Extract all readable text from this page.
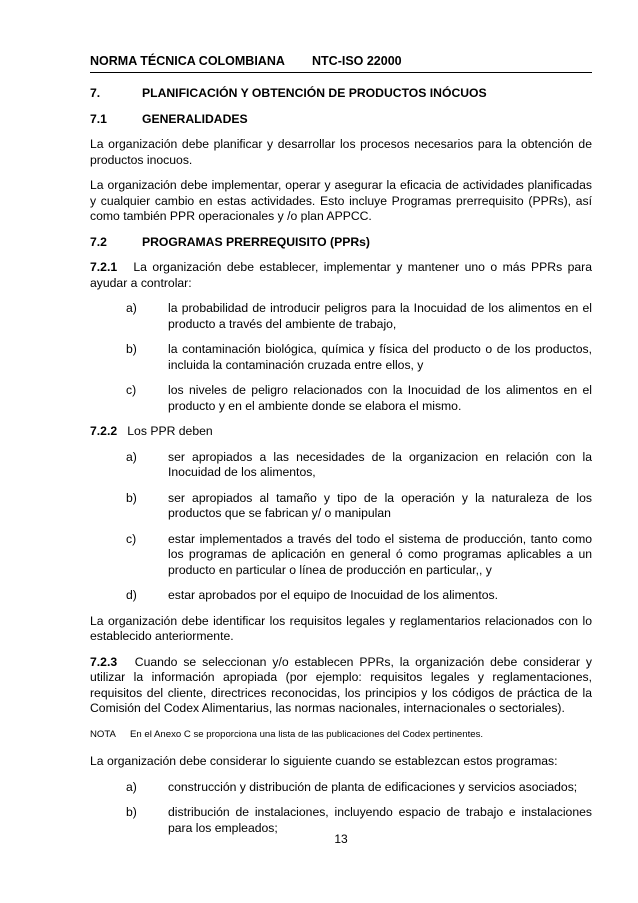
NORMA TÉCNICA COLOMBIANA NTC-ISO 22000
7.	PLANIFICACIÓN Y OBTENCIÓN DE PRODUCTOS INÓCUOS
7.1	GENERALIDADES

La organización debe planificar y desarrollar los procesos necesarios para la obtención de productos inocuos.

La organización debe implementar, operar y asegurar la eficacia de actividades planificadas y cualquier cambio en estas actividades. Esto incluye Programas prerrequisito (PPRs), así como también PPR operacionales y /o plan APPCC.

7.2	PROGRAMAS PRERREQUISITO (PPRs)

7.2.1 La organización debe establecer, implementar y mantener uno o más PPRs para ayudar a controlar:

a)	la probabilidad de introducir peligros para la Inocuidad de los alimentos en el producto a través del ambiente de trabajo,
b)	la contaminación biológica, química y física del producto o de los productos, incluida la contaminación cruzada entre ellos, y
c)	los niveles de peligro relacionados con la Inocuidad de los alimentos en el producto y en el ambiente donde se elabora el mismo.

7.2.2 Los PPR deben

a)	ser apropiados a las necesidades de la organizacion en relación con la Inocuidad de los alimentos,
b)	ser apropiados al tamaño y tipo de la operación y la naturaleza de los productos que se fabrican y/ o manipulan
c)	estar implementados a través del todo el sistema de producción, tanto como los programas de aplicación en general ó como programas aplicables a un producto en particular o línea de producción en particular,, y
d)	estar aprobados por el equipo de Inocuidad de los alimentos.

La organización debe identificar los requisitos legales y reglamentarios relacionados con lo establecido anteriormente.

7.2.3 Cuando se seleccionan y/o establecen PPRs, la organización debe considerar y utilizar la información apropiada (por ejemplo: requisitos legales y reglamentaciones, requisitos del cliente, directrices reconocidas, los principios y los códigos de práctica de la Comisión del Codex Alimentarius, las normas nacionales, internacionales o sectoriales).

NOTA	En el Anexo C se proporciona una lista de las publicaciones del Codex pertinentes.

La organización debe considerar lo siguiente cuando se establezcan estos programas:

a)	construcción y distribución de planta de edificaciones y servicios asociados;
b)	distribución de instalaciones, incluyendo espacio de trabajo e instalaciones para los empleados;
13
